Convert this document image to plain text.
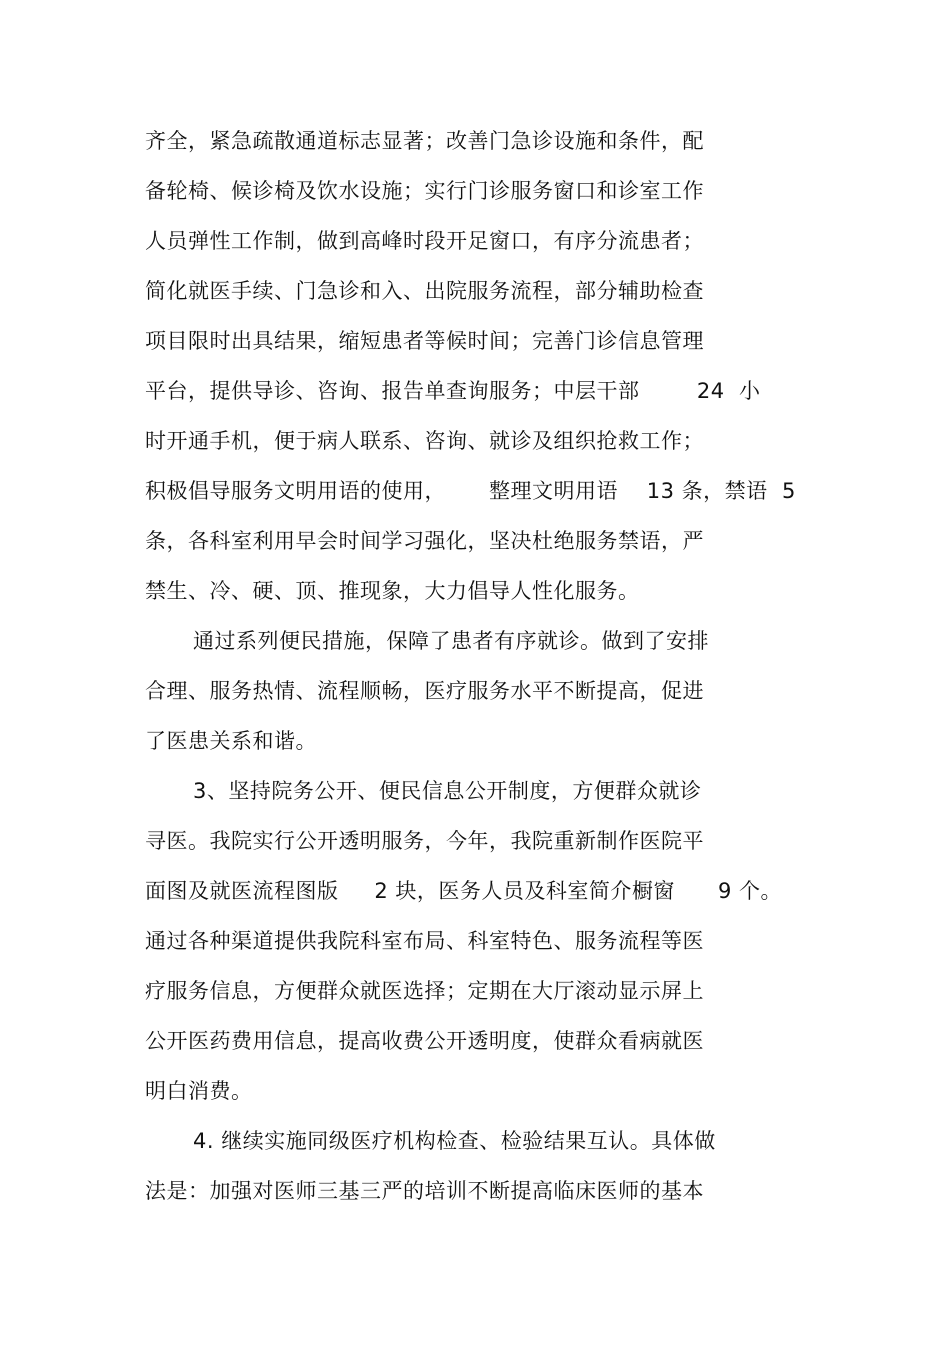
齐全，紧急疏散通道标志显著；改善门急诊设施和条件，配
备轮椅、候诊椅及饮水设施；实行门诊服务窗口和诊室工作
人员弹性工作制，做到高峰时段开足窗口，有序分流患者；
简化就医手续、门急诊和入、出院服务流程，部分辅助检查
项目限时出具结果，缩短患者等候时间；完善门诊信息管理
平台，提供导诊、咨询、报告单查询服务；中层干部        24  小
时开通手机，便于病人联系、咨询、就诊及组织抢救工作；
积极倡导服务文明用语的使用，      整理文明用语    13 条，禁语  5
条，各科室利用早会时间学习强化，坚决杜绝服务禁语，严
禁生、冷、硬、顶、推现象，大力倡导人性化服务。
通过系列便民措施，保障了患者有序就诊。做到了安排
合理、服务热情、流程顺畅，医疗服务水平不断提高，促进
了医患关系和谐。
3、坚持院务公开、便民信息公开制度，方便群众就诊
寻医。我院实行公开透明服务，今年，我院重新制作医院平
面图及就医流程图版     2 块，医务人员及科室简介橱窗      9 个。
通过各种渠道提供我院科室布局、科室特色、服务流程等医
疗服务信息，方便群众就医选择；定期在大厅滚动显示屏上
公开医药费用信息，提高收费公开透明度，使群众看病就医
明白消费。
4. 继续实施同级医疗机构检查、检验结果互认。具体做
法是：加强对医师三基三严的培训不断提高临床医师的基本
